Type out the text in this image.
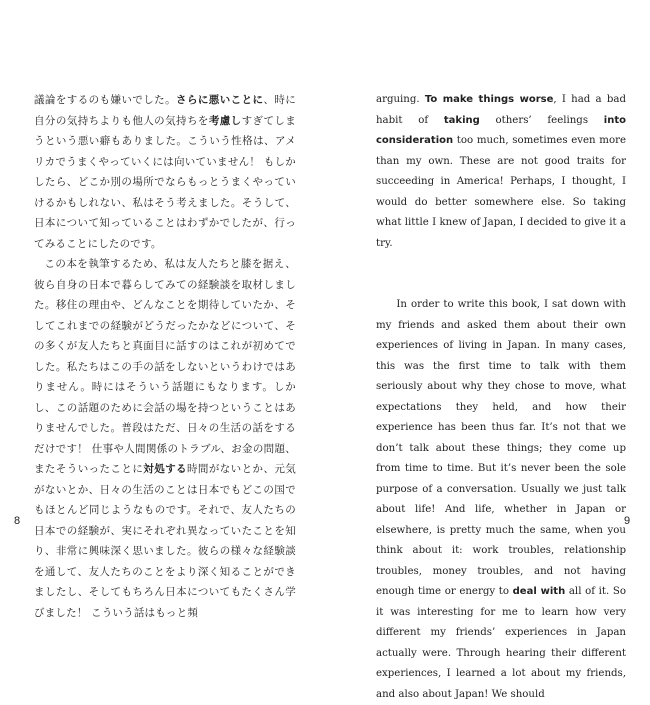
議論をするのも嫌いでした。さらに悪いことに、時に自分の気持ちよりも他人の気持ちを考慮しすぎてしまうという悪い癖もありました。こういう性格は、アメリカでうまくやっていくには向いていません！ もしかしたら、どこか別の場所でならもっとうまくやっていけるかもしれない、私はそう考えました。そうして、日本について知っていることはわずかでしたが、行ってみることにしたのです。

この本を執筆するため、私は友人たちと膝を据え、彼ら自身の日本で暮らしてみての経験談を取材しました。移住の理由や、どんなことを期待していたか、そしてこれまでの経験がどうだったかなどについて、その多くが友人たちと真面目に話すのはこれが初めてでした。私たちはこの手の話をしないというわけではありません。時にはそういう話題にもなります。しかし、この話題のために会話の場を持つということはありませんでした。普段はただ、日々の生活の話をするだけです！ 仕事や人間関係のトラブル、お金の問題、またそういったことに対処する時間がないとか、元気がないとか、日々の生活のことは日本でもどこの国でもほとんど同じようなものです。それで、友人たちの日本での経験が、実にそれぞれ異なっていたことを知り、非常に興味深く思いました。彼らの様々な経験談を通して、友人たちのことをより深く知ることができましたし、そしてもちろん日本についてもたくさん学びました！ こういう話はもっと頻

arguing. To make things worse, I had a bad habit of taking others’ feelings into consideration too much, sometimes even more than my own. These are not good traits for succeeding in America! Perhaps, I thought, I would do better somewhere else. So taking what little I knew of Japan, I decided to give it a try.

In order to write this book, I sat down with my friends and asked them about their own experiences of living in Japan. In many cases, this was the first time to talk with them seriously about why they chose to move, what expectations they held, and how their experience has been thus far. It’s not that we don’t talk about these things; they come up from time to time. But it’s never been the sole purpose of a conversation. Usually we just talk about life! And life, whether in Japan or elsewhere, is pretty much the same, when you think about it: work troubles, relationship troubles, money troubles, and not having enough time or energy to deal with all of it. So it was interesting for me to learn how very different my friends’ experiences in Japan actually were. Through hearing their different experiences, I learned a lot about my friends, and also about Japan! We should

8	9
